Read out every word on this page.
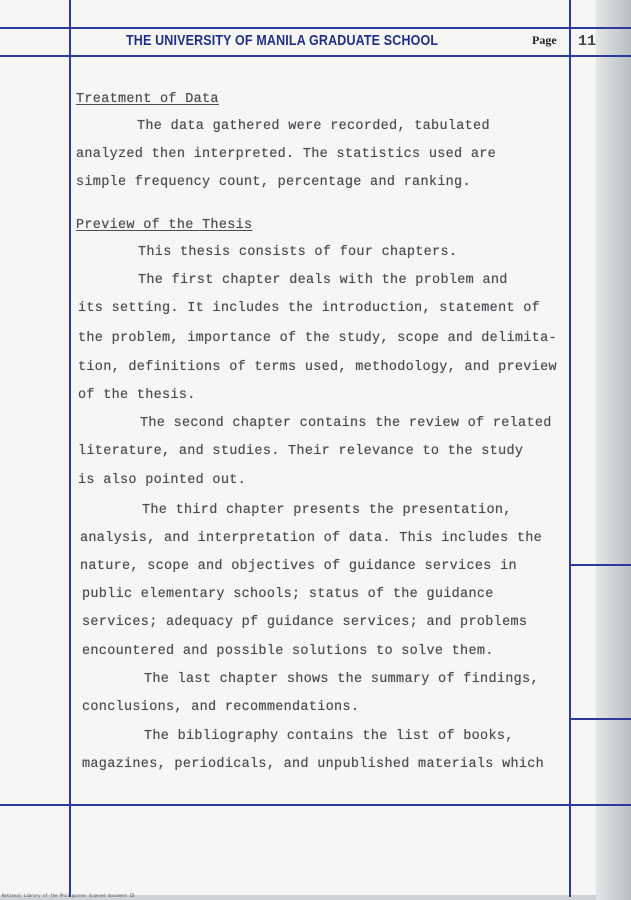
THE UNIVERSITY OF MANILA GRADUATE SCHOOL	Page 11

Treatment of Data

The data gathered were recorded, tabulated

analyzed then interpreted. The statistics used are

simple frequency count, percentage and ranking.

Preview of the Thesis

This thesis consists of four chapters.

The first chapter deals with the problem and

its setting. It includes the introduction, statement of

the problem, importance of the study, scope and delimita-

tion, definitions of terms used, methodology, and preview

of the thesis.

The second chapter contains the review of related

literature, and studies. Their relevance to the study

is also pointed out.

The third chapter presents the presentation,

analysis, and interpretation of data. This includes the

nature, scope and objectives of guidance services in

public elementary schools; status of the guidance

services; adequacy pf guidance services; and problems

encountered and possible solutions to solve them.

The last chapter shows the summary of findings,

conclusions, and recommendations.

The bibliography contains the list of books,

magazines, periodicals, and unpublished materials which

National Library of the Philippines Scanned document ID
